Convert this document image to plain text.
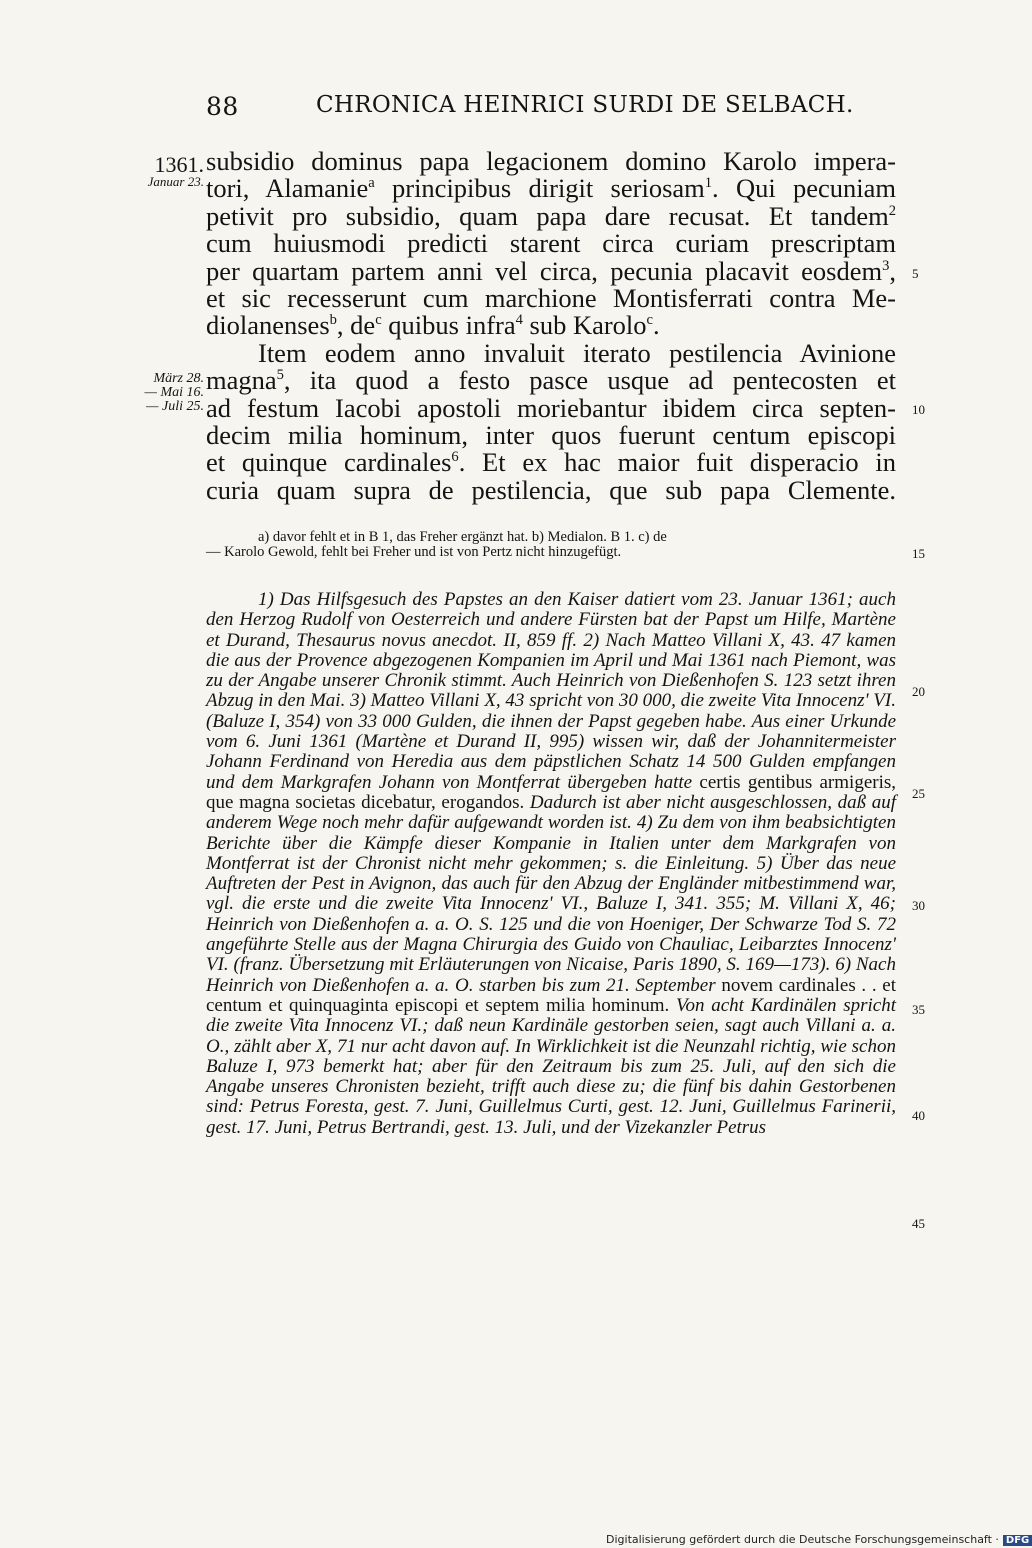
88	CHRONICA HEINRICI SURDI DE SELBACH.
1361.
Januar 23.
März 28.
— Mai 16.
— Juli 25.
subsidio dominus papa legacionem domino Karolo impera-
tori, Alamanie$^a$ principibus dirigit seriosam$^1$. Qui pecuniam
petivit pro subsidio, quam papa dare recusat. Et tandem$^2$
cum huiusmodi predicti starent circa curiam prescriptam
per quartam partem anni vel circa, pecunia placavit eosdem$^3$,
et sic recesserunt cum marchione Montisferrati contra Me-
diolanenses$^b$, $de^c$ quibus infra$^4$ sub Karolo$^c$.
Item eodem anno invaluit iterato pestilencia Avinione
magna$^5$, ita quod a festo pasce usque ad pentecosten et
ad festum Iacobi apostoli moriebantur ibidem circa septen-
decim milia hominum, inter quos fuerunt centum episcopi
et quinque cardinales$^6$. Et ex hac maior fuit disperacio in
curia quam supra de pestilencia, que sub papa Clemente.
5
10
15
20
25
30
35
40
45
a) davor fehlt et in B 1, das Freher ergänzt hat. b) Medialon. B 1. c) de
— Karolo Gewold, fehlt bei Freher und ist von Pertz nicht hinzugefügt.

1) Das Hilfsgesuch des Papstes an den Kaiser datiert vom 23. Januar 1361; auch den Herzog Rudolf von Oesterreich und andere Fürsten bat der Papst um Hilfe, Martène et Durand, Thesaurus novus anecdot. II, 859 ff. 2) Nach Matteo Villani X, 43. 47 kamen die aus der Provence abgezogenen Kompanien im April und Mai 1361 nach Piemont, was zu der Angabe unserer Chronik stimmt. Auch Heinrich von Dießenhofen S. 123 setzt ihren Abzug in den Mai. 3) Matteo Villani X, 43 spricht von 30 000, die zweite Vita Innocenz' VI. (Baluze I, 354) von 33 000 Gulden, die ihnen der Papst gegeben habe. Aus einer Urkunde vom 6. Juni 1361 (Martène et Durand II, 995) wissen wir, daß der Johannitermeister Johann Ferdinand von Heredia aus dem päpstlichen Schatz 14 500 Gulden empfangen und dem Markgrafen Johann von Montferrat übergeben hatte certis gentibus armigeris, que magna societas dicebatur, erogandos. Dadurch ist aber nicht ausgeschlossen, daß auf anderem Wege noch mehr dafür aufgewandt worden ist. 4) Zu dem von ihm beabsichtigten Berichte über die Kämpfe dieser Kompanie in Italien unter dem Markgrafen von Montferrat ist der Chronist nicht mehr gekommen; s. die Einleitung. 5) Über das neue Auftreten der Pest in Avignon, das auch für den Abzug der Engländer mitbestimmend war, vgl. die erste und die zweite Vita Innocenz' VI., Baluze I, 341. 355; M. Villani X, 46; Heinrich von Dießenhofen a. a. O. S. 125 und die von Hoeniger, Der Schwarze Tod S. 72 angeführte Stelle aus der Magna Chirurgia des Guido von Chauliac, Leibarztes Innocenz' VI. (franz. Übersetzung mit Erläuterungen von Nicaise, Paris 1890, S. 169—173). 6) Nach Heinrich von Dießenhofen a. a. O. starben bis zum 21. September novem cardinales . . et centum et quinquaginta episcopi et septem milia hominum. Von acht Kardinälen spricht die zweite Vita Innocenz VI.; daß neun Kardinäle gestorben seien, sagt auch Villani a. a. O., zählt aber X, 71 nur acht davon auf. In Wirklichkeit ist die Neunzahl richtig, wie schon Baluze I, 973 bemerkt hat; aber für den Zeitraum bis zum 25. Juli, auf den sich die Angabe unseres Chronisten bezieht, trifft auch diese zu; die fünf bis dahin Gestorbenen sind: Petrus Foresta, gest. 7. Juni, Guillelmus Curti, gest. 12. Juni, Guillelmus Farinerii, gest. 17. Juni, Petrus Bertrandi, gest. 13. Juli, und der Vizekanzler Petrus

Digitalisierung gefördert durch die Deutsche Forschungsgemeinschaft · DFG
